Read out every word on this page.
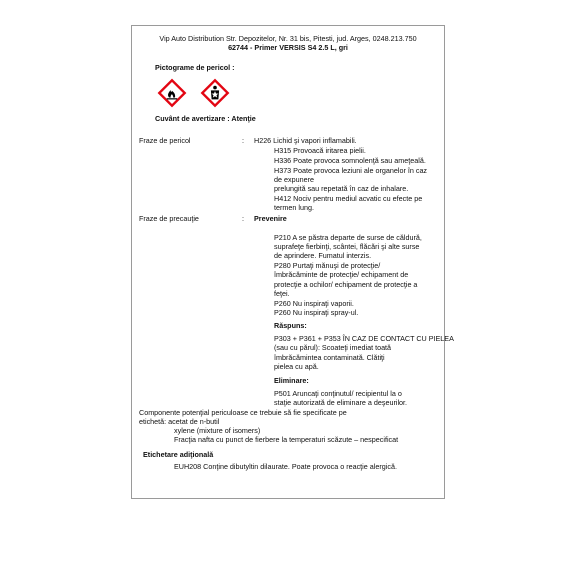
Vip Auto Distribution Str. Depozitelor, Nr. 31 bis, Pitesti, jud. Arges, 0248.213.750
62744 - Primer VERSIS S4 2.5 L, gri
Pictograme de pericol :
Cuvânt de avertizare : Atenţie
Fraze de pericol	: H226 Lichid şi vapori inflamabili.
H315 Provoacă iritarea pielii.
H336 Poate provoca somnolenţă sau ameţeală.
H373 Poate provoca leziuni ale organelor în caz
de expunere
prelungită sau repetată în caz de inhalare.
H412 Nociv pentru mediul acvatic cu efecte pe
termen lung.
Fraze de precauţie	: Prevenire
P210 A se păstra departe de surse de căldură,
suprafeţe fierbinţi, scântei, flăcări şi alte surse
de aprindere. Fumatul interzis.
P280 Purtaţi mănuşi de protecţie/
îmbrăcăminte de protecţie/ echipament de
protecţie a ochilor/ echipament de protecţie a
feţei.
P260 Nu inspiraţi vaporii.
P260 Nu inspiraţi spray-ul.
Răspuns:
P303 + P361 + P353 ÎN CAZ DE CONTACT CU PIELEA
(sau cu părul): Scoateţi imediat toată
îmbrăcămintea contaminată. Clătiţi
pielea cu apă.
Eliminare:
P501 Aruncaţi conţinutul/ recipientul la o
staţie autorizată de eliminare a deşeurilor.
Componente potenţial periculoase ce trebuie să fie specificate pe
etichetă: acetat de n-butil
xylene (mixture of isomers)
Fracţia nafta cu punct de fierbere la temperaturi scăzute – nespecificat
Etichetare adiţională
EUH208 Conţine dibutyltin dilaurate. Poate provoca o reacţie alergică.
